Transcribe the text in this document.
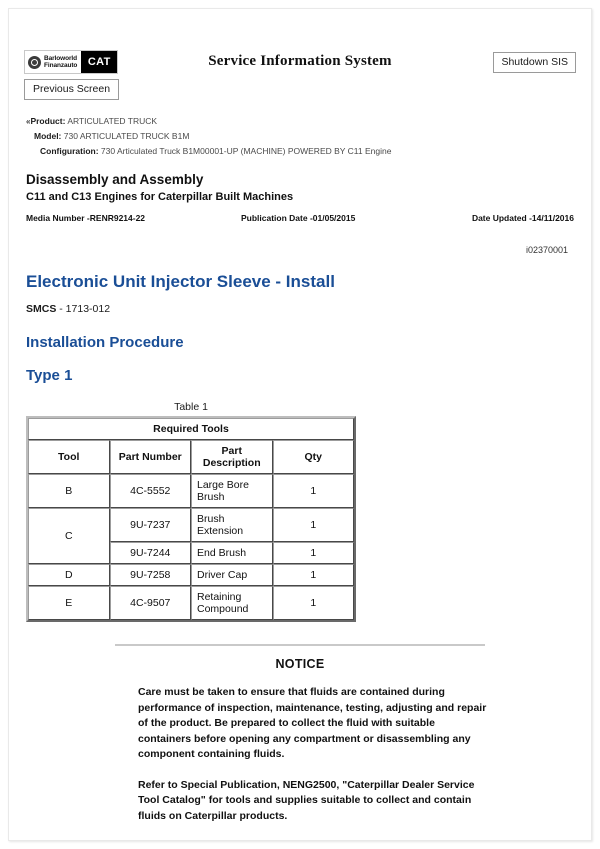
Barloworld
Finanzauto CAT
Previous Screen
Service Information System	Shutdown SIS
«Product: ARTICULATED TRUCK
Model: 730 ARTICULATED TRUCK B1M
Configuration: 730 Articulated Truck B1M00001-UP (MACHINE) POWERED BY C11 Engine
Disassembly and Assembly
C11 and C13 Engines for Caterpillar Built Machines
Media Number -RENR9214-22	Publication Date -01/05/2015	Date Updated -14/11/2016
i02370001
Electronic Unit Injector Sleeve - Install
SMCS - 1713-012
Installation Procedure
Type 1
Table 1
Required Tools			
Tool	Part Number	Part Description	Qty
B	4C-5552	Large Bore Brush	1
C	9U-7237	Brush Extension	1
	9U-7244	End Brush	1
D	9U-7258	Driver Cap	1
E	4C-9507	Retaining Compound	1
NOTICE
Care must be taken to ensure that fluids are contained during performance of inspection, maintenance, testing, adjusting and repair of the product. Be prepared to collect the fluid with suitable containers before opening any compartment or disassembling any component containing fluids.
Refer to Special Publication, NENG2500, "Caterpillar Dealer Service Tool Catalog" for tools and supplies suitable to collect and contain fluids on Caterpillar products.
